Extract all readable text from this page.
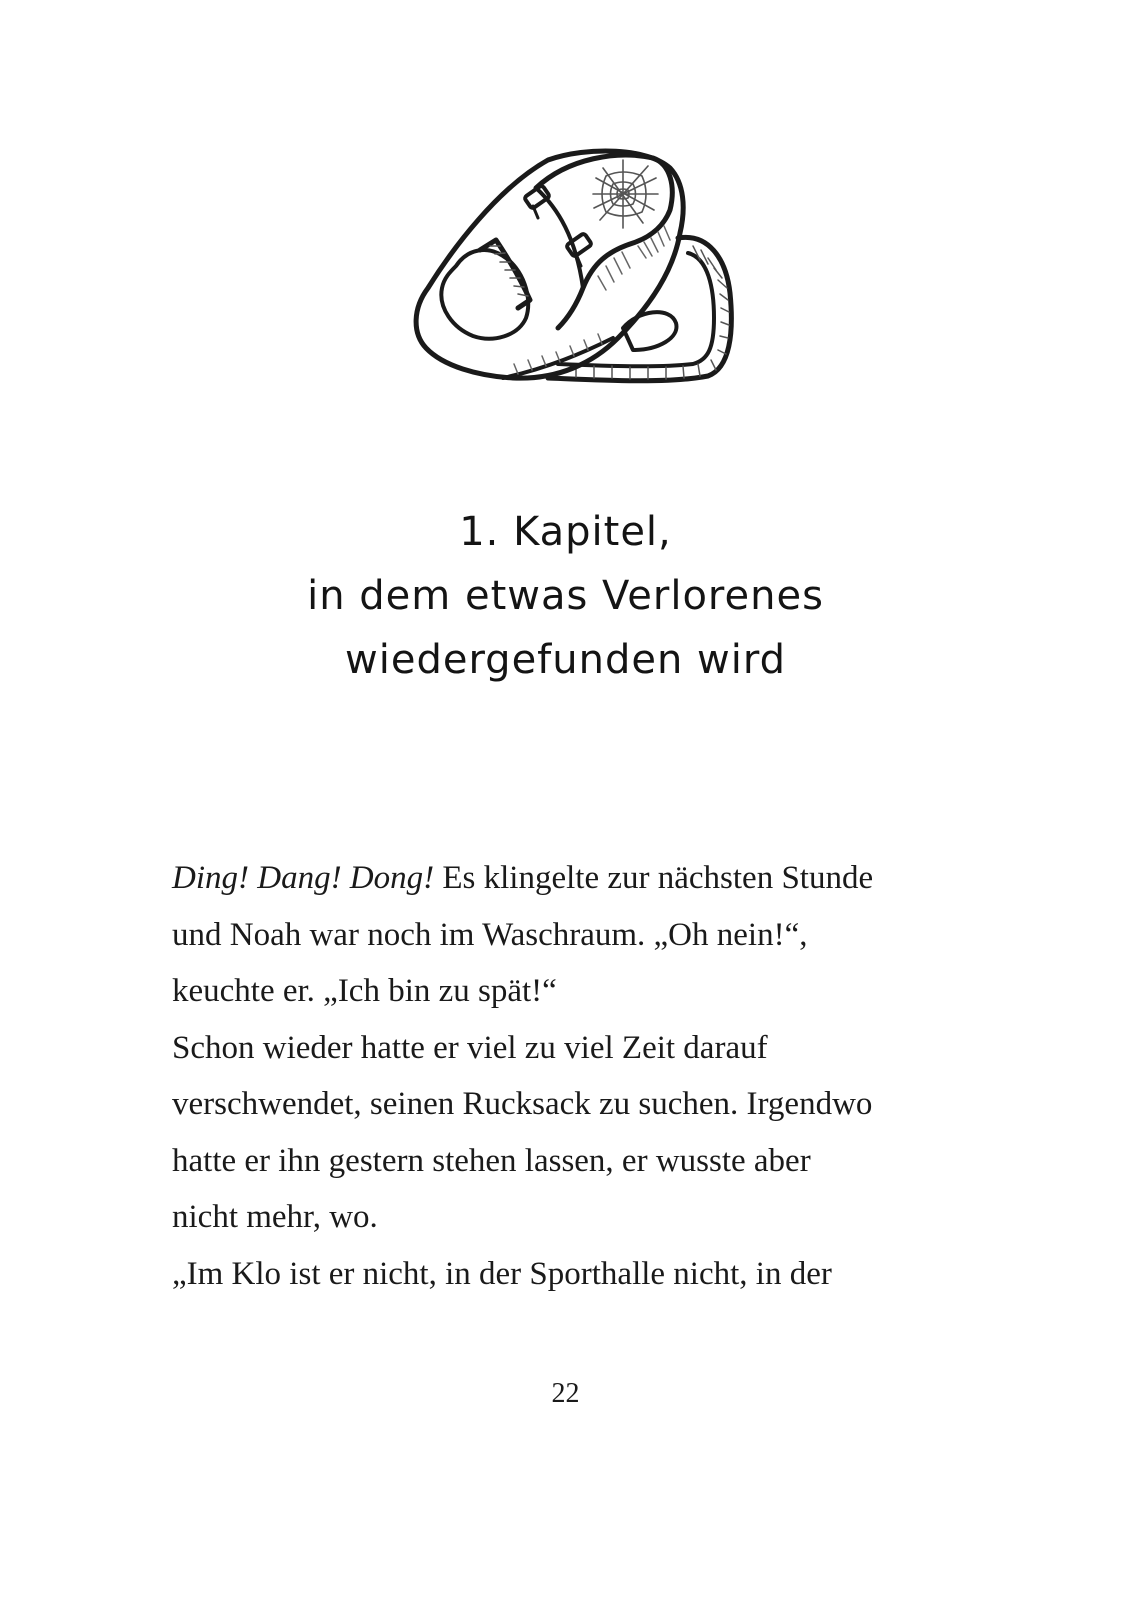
1. Kapitel,
in dem etwas Verlorenes
wiedergefunden wird
Ding! Dang! Dong! Es klingelte zur nächsten Stunde
und Noah war noch im Waschraum. „Oh nein!“,
keuchte er. „Ich bin zu spät!“
Schon wieder hatte er viel zu viel Zeit darauf
verschwendet, seinen Rucksack zu suchen. Irgendwo
hatte er ihn gestern stehen lassen, er wusste aber
nicht mehr, wo.
„Im Klo ist er nicht, in der Sporthalle nicht, in der
22
